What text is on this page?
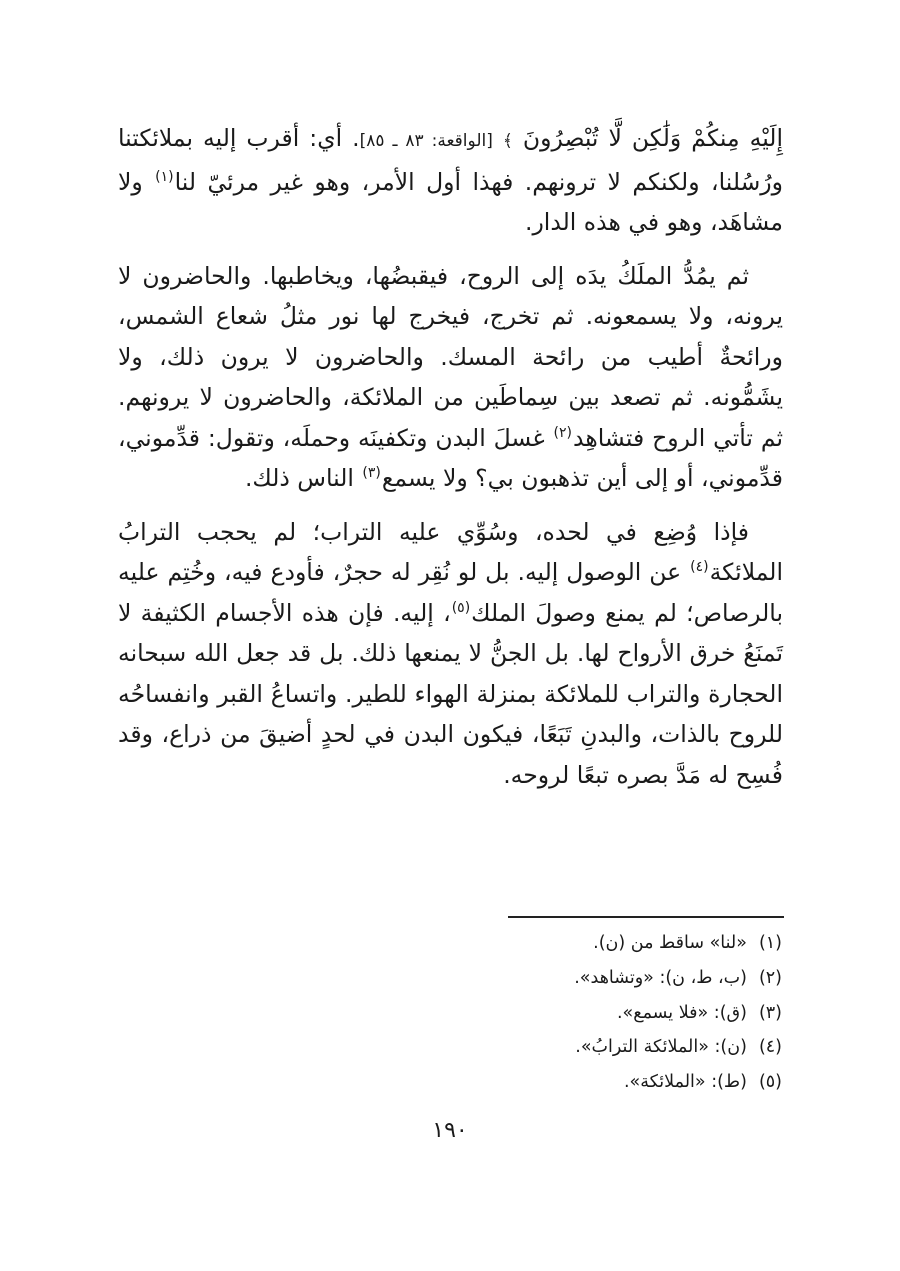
إِلَيْهِ مِنكُمْ وَلَٰكِن لَّا تُبْصِرُونَ ﴾ [الواقعة: ٨٣ ـ ٨٥]. أي: أقرب إليه بملائكتنا ورُسُلنا، ولكنكم لا ترونهم. فهذا أول الأمر، وهو غير مرئيّ لنا$^{(١)}$ ولا مشاهَد، وهو في هذه الدار.

ثم يمُدُّ الملَكُ يدَه إلى الروح، فيقبضُها، ويخاطبها. والحاضرون لا يرونه، ولا يسمعونه. ثم تخرج، فيخرج لها نور مثلُ شعاع الشمس، ورائحةٌ أطيب من رائحة المسك. والحاضرون لا يرون ذلك، ولا يشَمُّونه. ثم تصعد بين سِماطَين من الملائكة، والحاضرون لا يرونهم. ثم تأتي الروح فتشاهِد$^{(٢)}$ غسلَ البدن وتكفينَه وحملَه، وتقول: قدِّموني، قدِّموني، أو إلى أين تذهبون بي؟ ولا يسمع$^{(٣)}$ الناس ذلك.

فإذا وُضِع في لحده، وسُوِّي عليه التراب؛ لم يحجب الترابُ الملائكة$^{(٤)}$ عن الوصول إليه. بل لو نُقِر له حجرٌ، فأودع فيه، وخُتِم عليه بالرصاص؛ لم يمنع وصولَ الملك$^{(٥)}$، إليه. فإن هذه الأجسام الكثيفة لا تَمنَعُ خرق الأرواح لها. بل الجنُّ لا يمنعها ذلك. بل قد جعل الله سبحانه الحجارة والتراب للملائكة بمنزلة الهواء للطير. واتساعُ القبر وانفساحُه للروح بالذات، والبدنِ تَبَعًا، فيكون البدن في لحدٍ أضيقَ من ذراع، وقد فُسِح له مَدَّ بصره تبعًا لروحه.

(١)
«لنا» ساقط من (ن).
(٢)
(ب، ط، ن): «وتشاهد».
(٣)
(ق): «فلا يسمع».
(٤)
(ن): «الملائكة الترابُ».
(٥)
(ط): «الملائكة».
١٩٠
